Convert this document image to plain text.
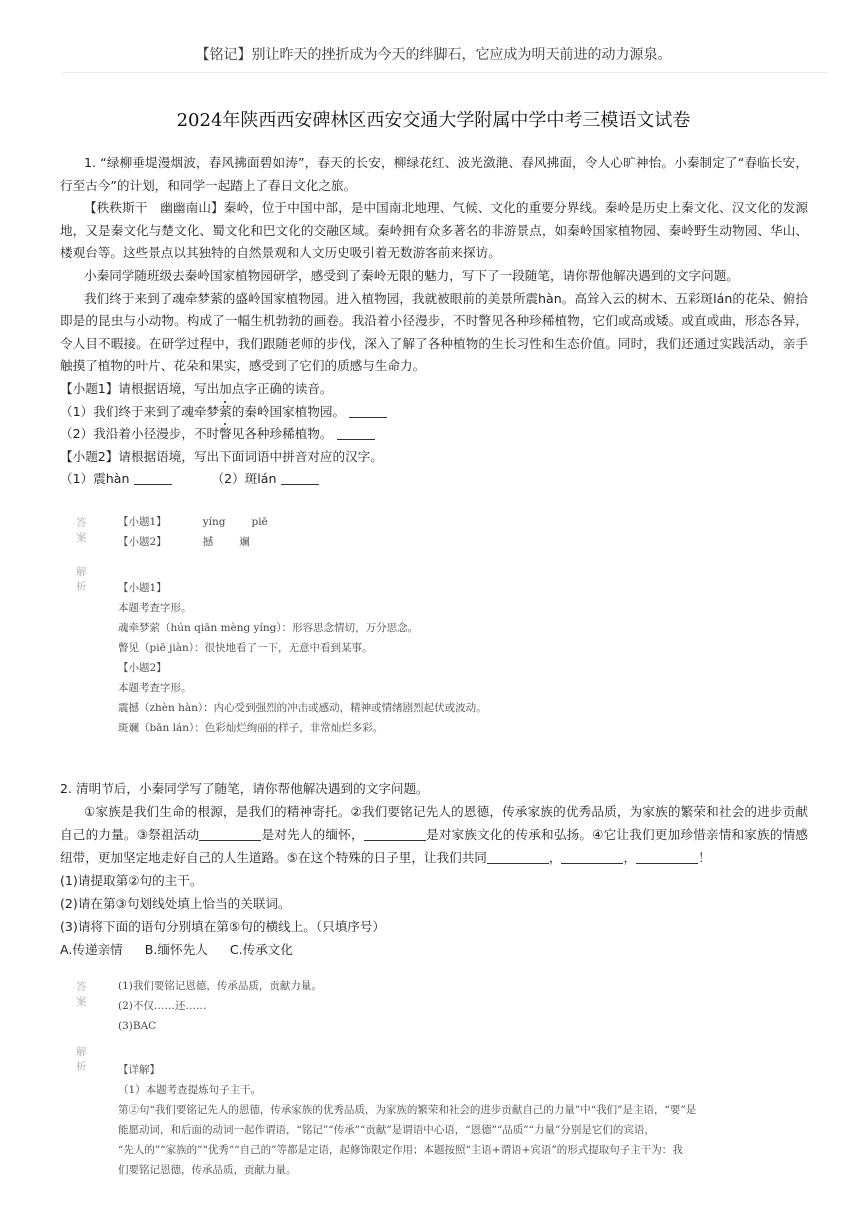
【铭记】别让昨天的挫折成为今天的绊脚石，它应成为明天前进的动力源泉。
2024年陕西西安碑林区西安交通大学附属中学中考三模语文试卷

1. “绿柳垂堤漫烟波，春风拂面碧如涛”，春天的长安，柳绿花红、波光潋滟、春风拂面，令人心旷神怡。小秦制定了“春临长安，行至古今”的计划，和同学一起踏上了春日文化之旅。

【秩秩斯干　幽幽南山】秦岭，位于中国中部，是中国南北地理、气候、文化的重要分界线。秦岭是历史上秦文化、汉文化的发源地，又是秦文化与楚文化、蜀文化和巴文化的交融区域。秦岭拥有众多著名的非游景点，如秦岭国家植物园、秦岭野生动物园、华山、楼观台等。这些景点以其独特的自然景观和人文历史吸引着无数游客前来探访。

小秦同学随班级去秦岭国家植物园研学，感受到了秦岭无限的魅力，写下了一段随笔，请你帮他解决遇到的文字问题。

我们终于来到了魂牵梦萦的盛岭国家植物园。进入植物园，我就被眼前的美景所震hàn。高耸入云的树木、五彩斑lán的花朵、俯拾即是的昆虫与小动物。构成了一幅生机勃勃的画卷。我沿着小径漫步，不时瞥见各种珍稀植物，它们或高或矮。或直或曲，形态各异，令人目不暇接。在研学过程中，我们跟随老师的步伐，深入了解了各种植物的生长习性和生态价值。同时，我们还通过实践活动，亲手触摸了植物的叶片、花朵和果实，感受到了它们的质感与生命力。

【小题1】请根据语境，写出加点字正确的读音。

（1）我们终于来到了魂牵梦萦的秦岭国家植物园。

（2）我沿着小径漫步，不时瞥见各种珍稀植物。

【小题2】请根据语境，写出下面词语中拼音对应的汉字。

（1）震hàn	（2）斑lán

答案
【小题1】	yíng piē
【小题2】	撼 斓
解析	【小题1】
本题考查字形。
魂牵梦萦（hún qiān mèng yíng）：形容思念情切，万分思念。
瞥见（piē jiàn）：很快地看了一下，无意中看到某事。
【小题2】
本题考查字形。
震撼（zhèn hàn）：内心受到强烈的冲击或感动，精神或情绪剧烈起伏或波动。
斑斓（bān lán）：色彩灿烂绚丽的样子，非常灿烂多彩。

2. 清明节后，小秦同学写了随笔，请你帮他解决遇到的文字问题。

①家族是我们生命的根源，是我们的精神寄托。②我们要铭记先人的恩德，传承家族的优秀品质，为家族的繁荣和社会的进步贡献自己的力量。③祭祖活动	是对先人的缅怀，	是对家族文化的传承和弘扬。④它让我们更加珍惜亲情和家族的情感纽带，更加坚定地走好自己的人生道路。⑤在这个特殊的日子里，让我们共同	，	，	！

(1)请提取第②句的主干。

(2)请在第③句划线处填上恰当的关联词。

(3)请将下面的语句分别填在第⑤句的横线上。（只填序号）

A.传递亲情 B.缅怀先人 C.传承文化

答案
(1)我们要铭记恩德，传承品质，贡献力量。
(2)不仅……还……
(3)BAC
解析	【详解】
（1）本题考查提炼句子主干。
第②句“我们要铭记先人的恩德，传承家族的优秀品质，为家族的繁荣和社会的进步贡献自己的力量”中“我们”是主语，“要”是
能愿动词，和后面的动词一起作谓语，“铭记”“传承”“贡献”是谓语中心语，“恩德”“品质”“力量”分别是它们的宾语，
“先人的”“家族的”“优秀”“自己的”等都是定语，起修饰限定作用；本题按照“主语+谓语+宾语”的形式提取句子主干为：我
们要铭记恩德，传承品质，贡献力量。
